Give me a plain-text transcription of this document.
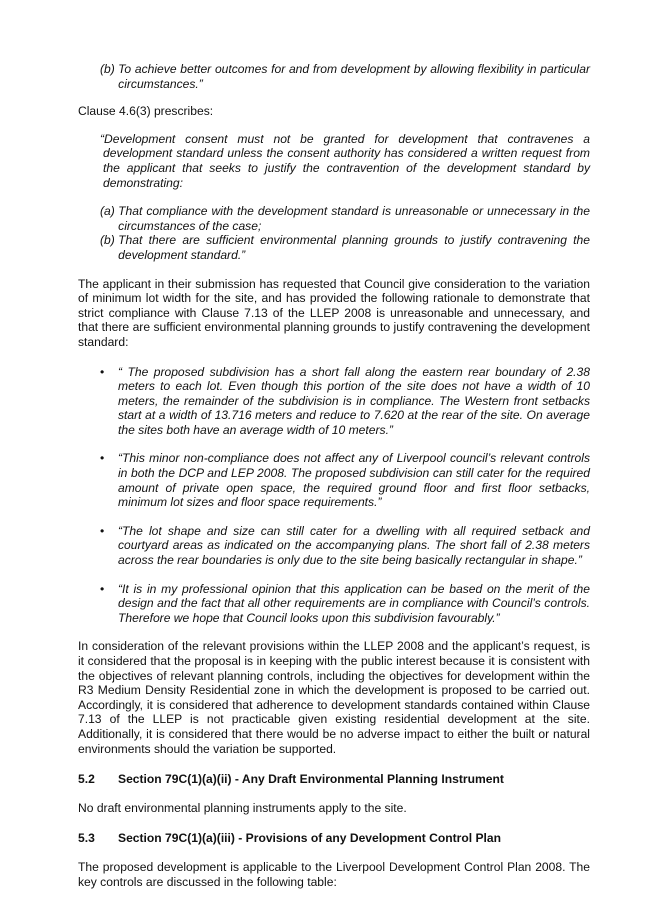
(b) To achieve better outcomes for and from development by allowing flexibility in particular circumstances.”

Clause 4.6(3) prescribes:

“Development consent must not be granted for development that contravenes a development standard unless the consent authority has considered a written request from the applicant that seeks to justify the contravention of the development standard by demonstrating:

(a) That compliance with the development standard is unreasonable or unnecessary in the circumstances of the case;
(b) That there are sufficient environmental planning grounds to justify contravening the development standard.”

The applicant in their submission has requested that Council give consideration to the variation of minimum lot width for the site, and has provided the following rationale to demonstrate that strict compliance with Clause 7.13 of the LLEP 2008 is unreasonable and unnecessary, and that there are sufficient environmental planning grounds to justify contravening the development standard:

•	“ The proposed subdivision has a short fall along the eastern rear boundary of 2.38 meters to each lot. Even though this portion of the site does not have a width of 10 meters, the remainder of the subdivision is in compliance. The Western front setbacks start at a width of 13.716 meters and reduce to 7.620 at the rear of the site. On average the sites both have an average width of 10 meters.”
•	“This minor non-compliance does not affect any of Liverpool council’s relevant controls in both the DCP and LEP 2008. The proposed subdivision can still cater for the required amount of private open space, the required ground floor and first floor setbacks, minimum lot sizes and floor space requirements.”
•	“The lot shape and size can still cater for a dwelling with all required setback and courtyard areas as indicated on the accompanying plans. The short fall of 2.38 meters across the rear boundaries is only due to the site being basically rectangular in shape.”
•	“It is in my professional opinion that this application can be based on the merit of the design and the fact that all other requirements are in compliance with Council’s controls. Therefore we hope that Council looks upon this subdivision favourably.”

In consideration of the relevant provisions within the LLEP 2008 and the applicant’s request, is it considered that the proposal is in keeping with the public interest because it is consistent with the objectives of relevant planning controls, including the objectives for development within the R3 Medium Density Residential zone in which the development is proposed to be carried out. Accordingly, it is considered that adherence to development standards contained within Clause 7.13 of the LLEP is not practicable given existing residential development at the site. Additionally, it is considered that there would be no adverse impact to either the built or natural environments should the variation be supported.

5.2	Section 79C(1)(a)(ii) - Any Draft Environmental Planning Instrument

No draft environmental planning instruments apply to the site.

5.3	Section 79C(1)(a)(iii) - Provisions of any Development Control Plan

The proposed development is applicable to the Liverpool Development Control Plan 2008. The key controls are discussed in the following table:
